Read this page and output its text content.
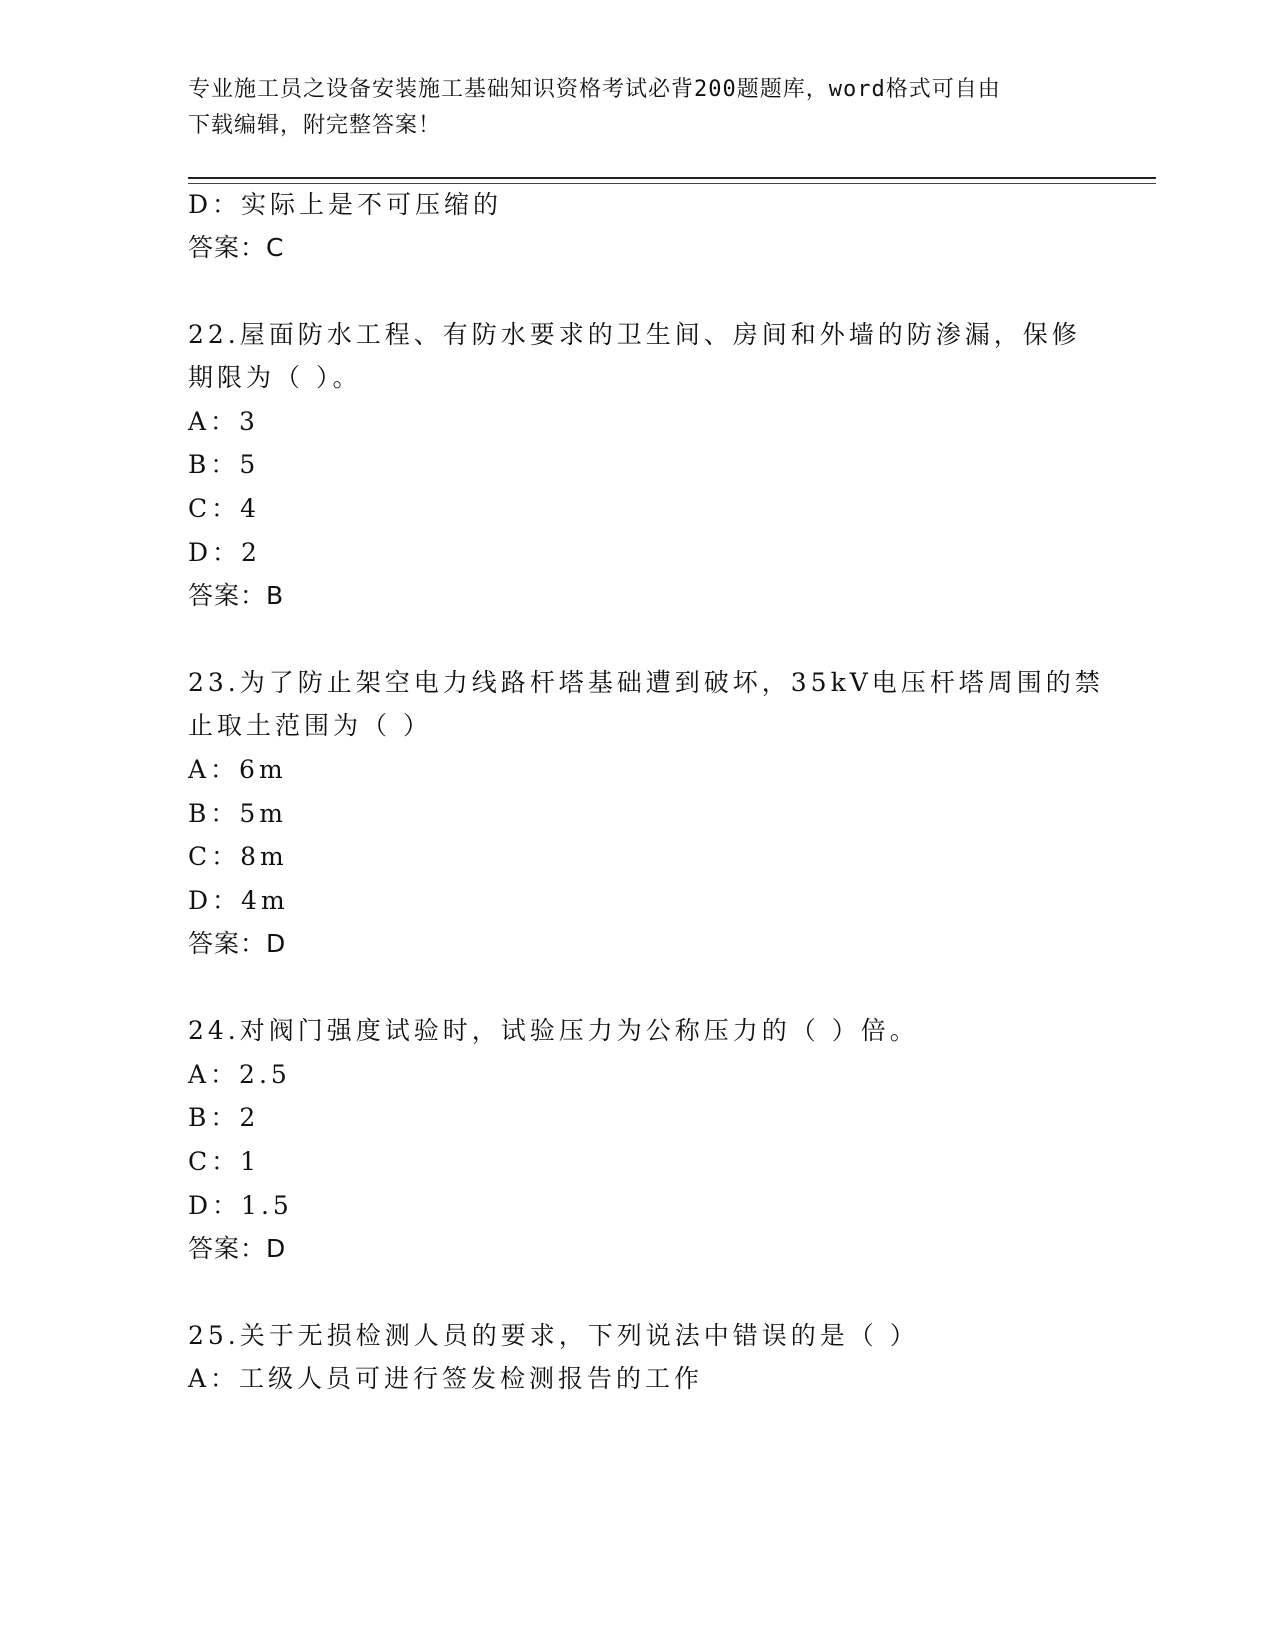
专业施工员之设备安装施工基础知识资格考试必背200题题库，word格式可自由
下载编辑，附完整答案！
D：实际上是不可压缩的
答案：C
22.屋面防水工程、有防水要求的卫生间、房间和外墙的防渗漏，保修
期限为（ ）。
A：3
B：5
C：4
D：2
答案：B
23.为了防止架空电力线路杆塔基础遭到破坏，35kV电压杆塔周围的禁
止取土范围为（ ）
A：6m
B：5m
C：8m
D：4m
答案：D
24.对阀门强度试验时，试验压力为公称压力的（ ）倍。
A：2.5
B：2
C：1
D：1.5
答案：D
25.关于无损检测人员的要求，下列说法中错误的是（ ）
A：工级人员可进行签发检测报告的工作
